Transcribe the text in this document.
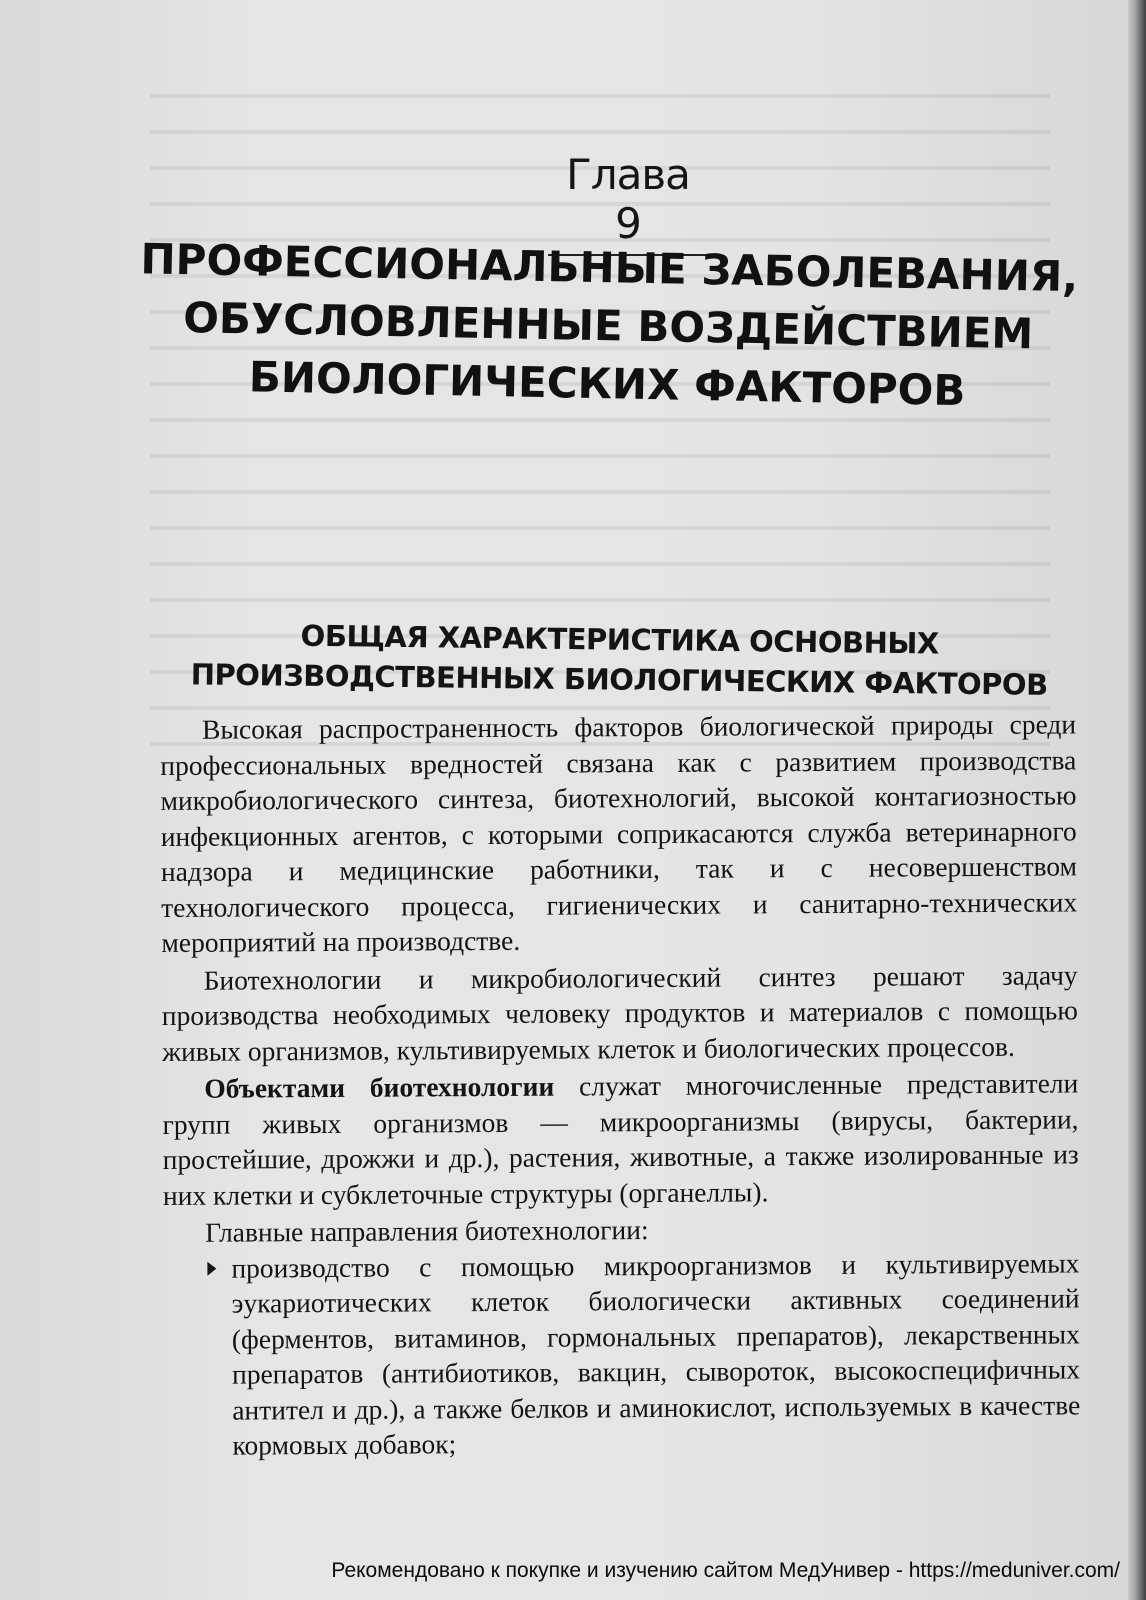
Глава 9
ПРОФЕССИОНАЛЬНЫЕ ЗАБОЛЕВАНИЯ,
ОБУСЛОВЛЕННЫЕ ВОЗДЕЙСТВИЕМ
БИОЛОГИЧЕСКИХ ФАКТОРОВ
ОБЩАЯ ХАРАКТЕРИСТИКА ОСНОВНЫХ
ПРОИЗВОДСТВЕННЫХ БИОЛОГИЧЕСКИХ ФАКТОРОВ

Высокая распространенность факторов биологической природы среди профессиональных вредностей связана как с развитием производства микробиологического синтеза, биотехнологий, высокой контагиозностью инфекционных агентов, с которыми соприкасаются служба ветеринарного надзора и медицинские работники, так и с несовершенством технологического процесса, гигиенических и санитарно-технических мероприятий на производстве.

Биотехнологии и микробиологический синтез решают задачу производства необходимых человеку продуктов и материалов с помощью живых организмов, культивируемых клеток и биологических процессов.

Объектами биотехнологии служат многочисленные представители групп живых организмов — микроорганизмы (вирусы, бактерии, простейшие, дрожжи и др.), растения, животные, а также изолированные из них клетки и субклеточные структуры (органеллы).

Главные направления биотехнологии:
производство с помощью микроорганизмов и культивируемых эукариотических клеток биологически активных соединений (ферментов, витаминов, гормональных препаратов), лекарственных препаратов (антибиотиков, вакцин, сывороток, высокоспецифичных антител и др.), а также белков и аминокислот, используемых в качестве кормовых добавок;
Рекомендовано к покупке и изучению сайтом МедУнивер - https://meduniver.com/
